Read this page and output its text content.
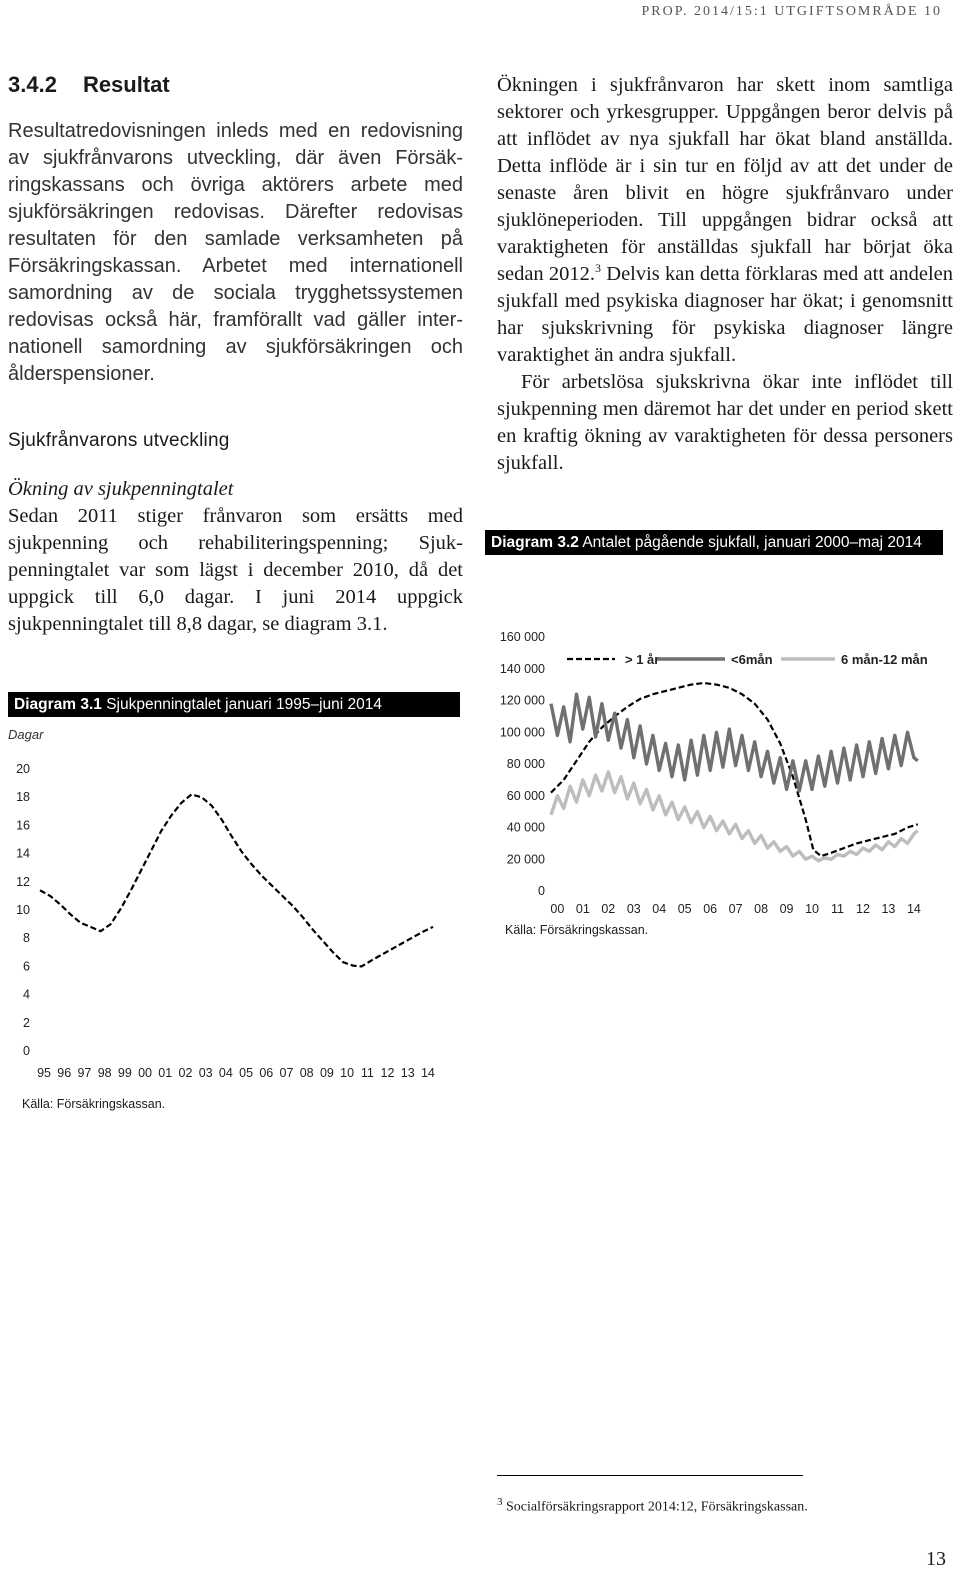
PROP. 2014/15:1 UTGIFTSOMRÅDE 10
3.4.2 Resultat

Resultatredovisningen inleds med en redovisning av sjukfrånvarons utveckling, där även Försäkringskassans och övriga aktörers arbete med sjukförsäkringen redovisas. Därefter redovisas resultaten för den samlade verksamheten på Försäkringskassan. Arbetet med internationell samordning av de sociala trygghetssystemen redovisas också här, framförallt vad gäller internationell samordning av sjukförsäkringen och ålderspensioner.

Sjukfrånvarons utveckling

Ökning av sjukpenningtalet

Sedan 2011 stiger frånvaron som ersätts med sjukpenning och rehabiliteringspenning; Sjukpenningtalet var som lägst i december 2010, då det uppgick till 6,0 dagar. I juni 2014 uppgick sjukpenningtalet till 8,8 dagar, se diagram 3.1.

Diagram 3.1 Sjukpenningtalet januari 1995–juni 2014
Dagar
20
18
16
14
12
10
8
6
4
2
0
95 96 97 98 99 00 01 02 03 04 05 06 07 08 09 10 11 12 13 14
Källa: Försäkringskassan.

Ökningen i sjukfrånvaron har skett inom samtliga sektorer och yrkesgrupper. Uppgången beror delvis på att inflödet av nya sjukfall har ökat bland anställda. Detta inflöde är i sin tur en följd av att det under de senaste åren blivit en högre sjukfrånvaro under sjuklöneperioden. Till uppgången bidrar också att varaktigheten för anställdas sjukfall har börjat öka sedan 2012.$^3$ Delvis kan detta förklaras med att andelen sjukfall med psykiska diagnoser har ökat; i genomsnitt har sjukskrivning för psykiska diagnoser längre varaktighet än andra sjukfall.

För arbetslösa sjukskrivna ökar inte inflödet till sjukpenning men däremot har det under en period skett en kraftig ökning av varaktigheten för dessa personers sjukfall.

Diagram 3.2 Antalet pågående sjukfall, januari 2000–maj 2014
160 000
140 000
120 000
100 000
80 000
60 000
40 000
20 000
0
00 01 02 03 04 05 06 07 08 09 10 11 12 13 14
> 1 år	<6mån	6 mån-12 mån
Källa: Försäkringskassan.
$^3$ Socialförsäkringsrapport 2014:12, Försäkringskassan.
13
